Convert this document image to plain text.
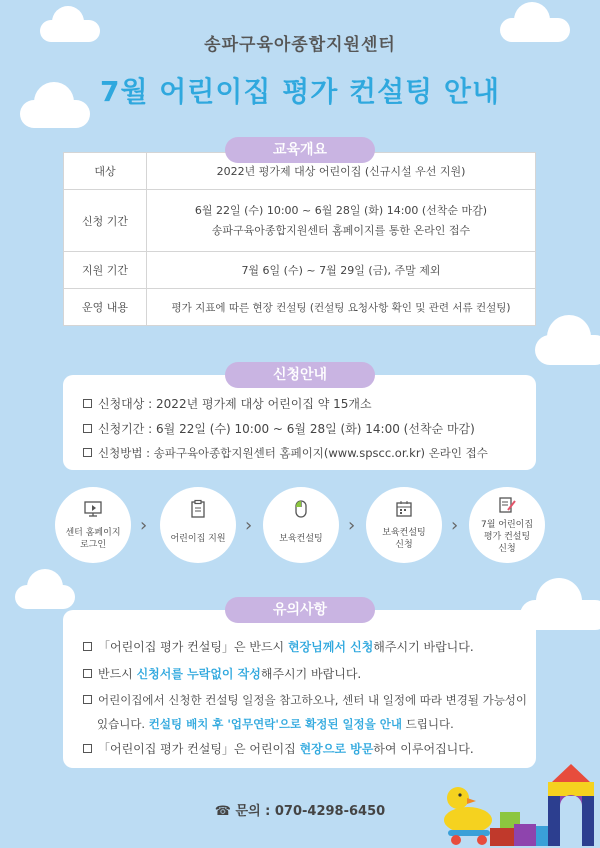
송파구육아종합지원센터
7월 어린이집 평가 컨설팅 안내
교육개요
대상	2022년 평가제 대상 어린이집 (신규시설 우선 지원)
신청 기간	6월 22일 (수) 10:00 ~ 6월 28일 (화) 14:00 (선착순 마감)
송파구육아종합지원센터 홈페이지를 통한 온라인 접수

지원 기간	7월 6일 (수) ~ 7월 29일 (금), 주말 제외
운영 내용	평가 지표에 따른 현장 컨설팅 (컨설팅 요청사항 확인 및 관련 서류 컨설팅)
신청안내
신청대상 : 2022년 평가제 대상 어린이집 약 15개소
신청기간 : 6월 22일 (수) 10:00 ~ 6월 28일 (화) 14:00 (선착순 마감)
신청방법 : 송파구육아종합지원센터 홈페이지(www.spscc.or.kr) 온라인 접수
센터 홈페이지
로그인
›
어린이집 지원
›
보육컨설팅
›	보육컨설팅
신청
›	7월 어린이집
평가 컨설팅
신청
유의사항
「어린이집 평가 컨설팅」은 반드시 현장님께서 신청해주시기 바랍니다.
반드시 신청서를 누락없이 작성해주시기 바랍니다.
어린이집에서 신청한 컨설팅 일정을 참고하오나, 센터 내 일정에 따라 변경될 가능성이
있습니다. 컨설팅 배치 후 '업무연락'으로 확정된 일정을 안내 드립니다.
「어린이집 평가 컨설팅」은 어린이집 현장으로 방문하여 이루어집니다.
☎ 문의 : 070-4298-6450
